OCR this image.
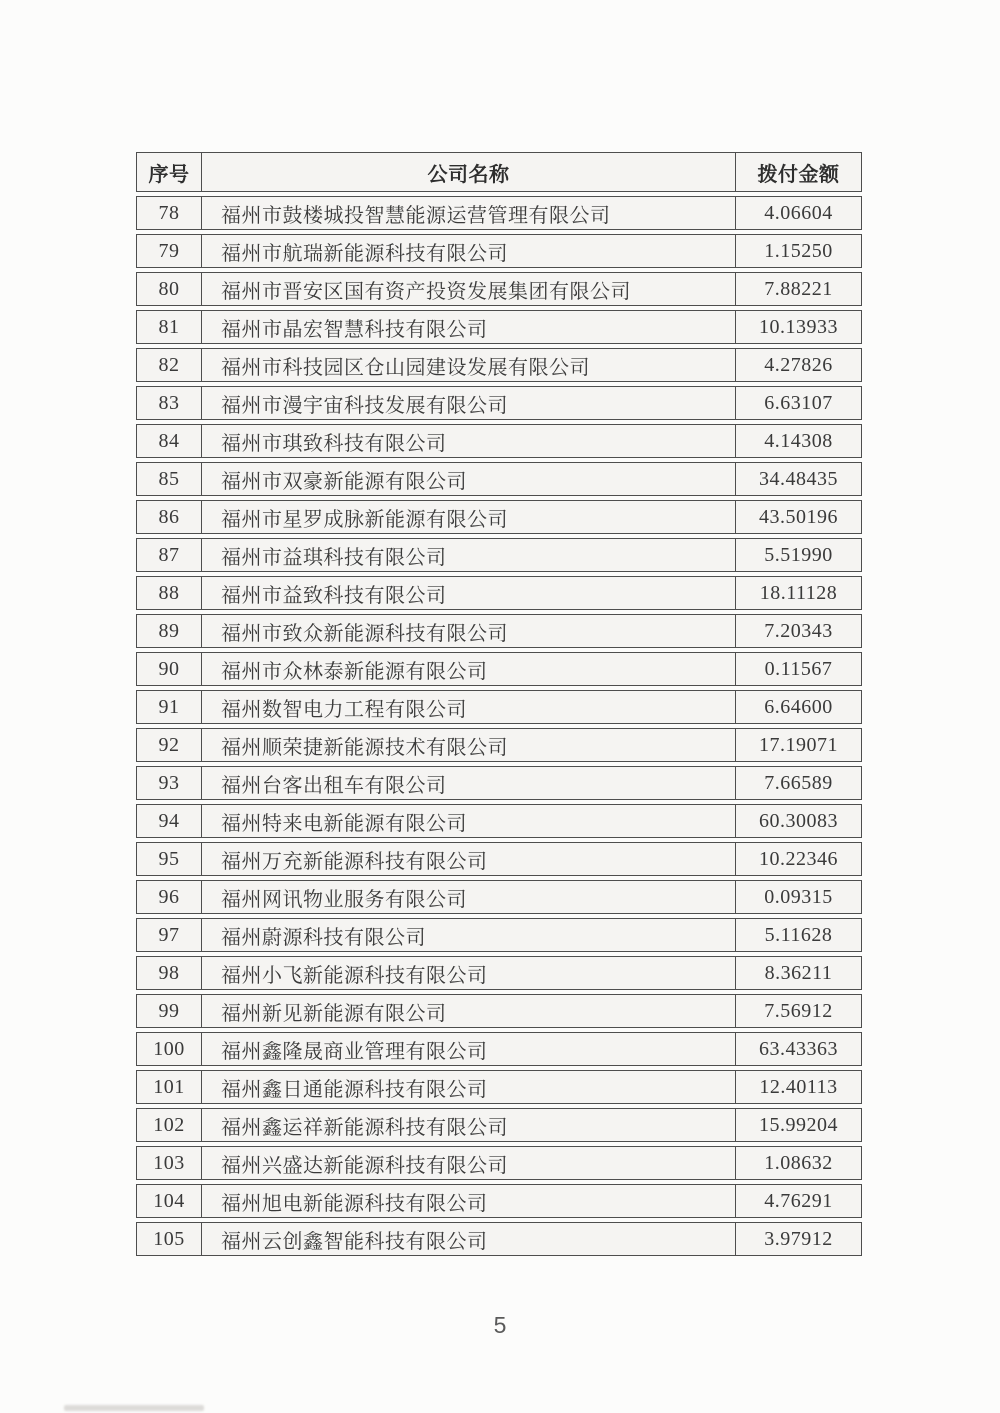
序号	公司名称	拨付金额
78	福州市鼓楼城投智慧能源运营管理有限公司	4.06604
79	福州市航瑞新能源科技有限公司	1.15250
80	福州市晋安区国有资产投资发展集团有限公司	7.88221
81	福州市晶宏智慧科技有限公司	10.13933
82	福州市科技园区仓山园建设发展有限公司	4.27826
83	福州市漫宇宙科技发展有限公司	6.63107
84	福州市琪致科技有限公司	4.14308
85	福州市双豪新能源有限公司	34.48435
86	福州市星罗成脉新能源有限公司	43.50196
87	福州市益琪科技有限公司	5.51990
88	福州市益致科技有限公司	18.11128
89	福州市致众新能源科技有限公司	7.20343
90	福州市众林泰新能源有限公司	0.11567
91	福州数智电力工程有限公司	6.64600
92	福州顺荣捷新能源技术有限公司	17.19071
93	福州台客出租车有限公司	7.66589
94	福州特来电新能源有限公司	60.30083
95	福州万充新能源科技有限公司	10.22346
96	福州网讯物业服务有限公司	0.09315
97	福州蔚源科技有限公司	5.11628
98	福州小飞新能源科技有限公司	8.36211
99	福州新见新能源有限公司	7.56912
100	福州鑫隆晟商业管理有限公司	63.43363
101	福州鑫日通能源科技有限公司	12.40113
102	福州鑫运祥新能源科技有限公司	15.99204
103	福州兴盛达新能源科技有限公司	1.08632
104	福州旭电新能源科技有限公司	4.76291
105	福州云创鑫智能科技有限公司	3.97912
5
